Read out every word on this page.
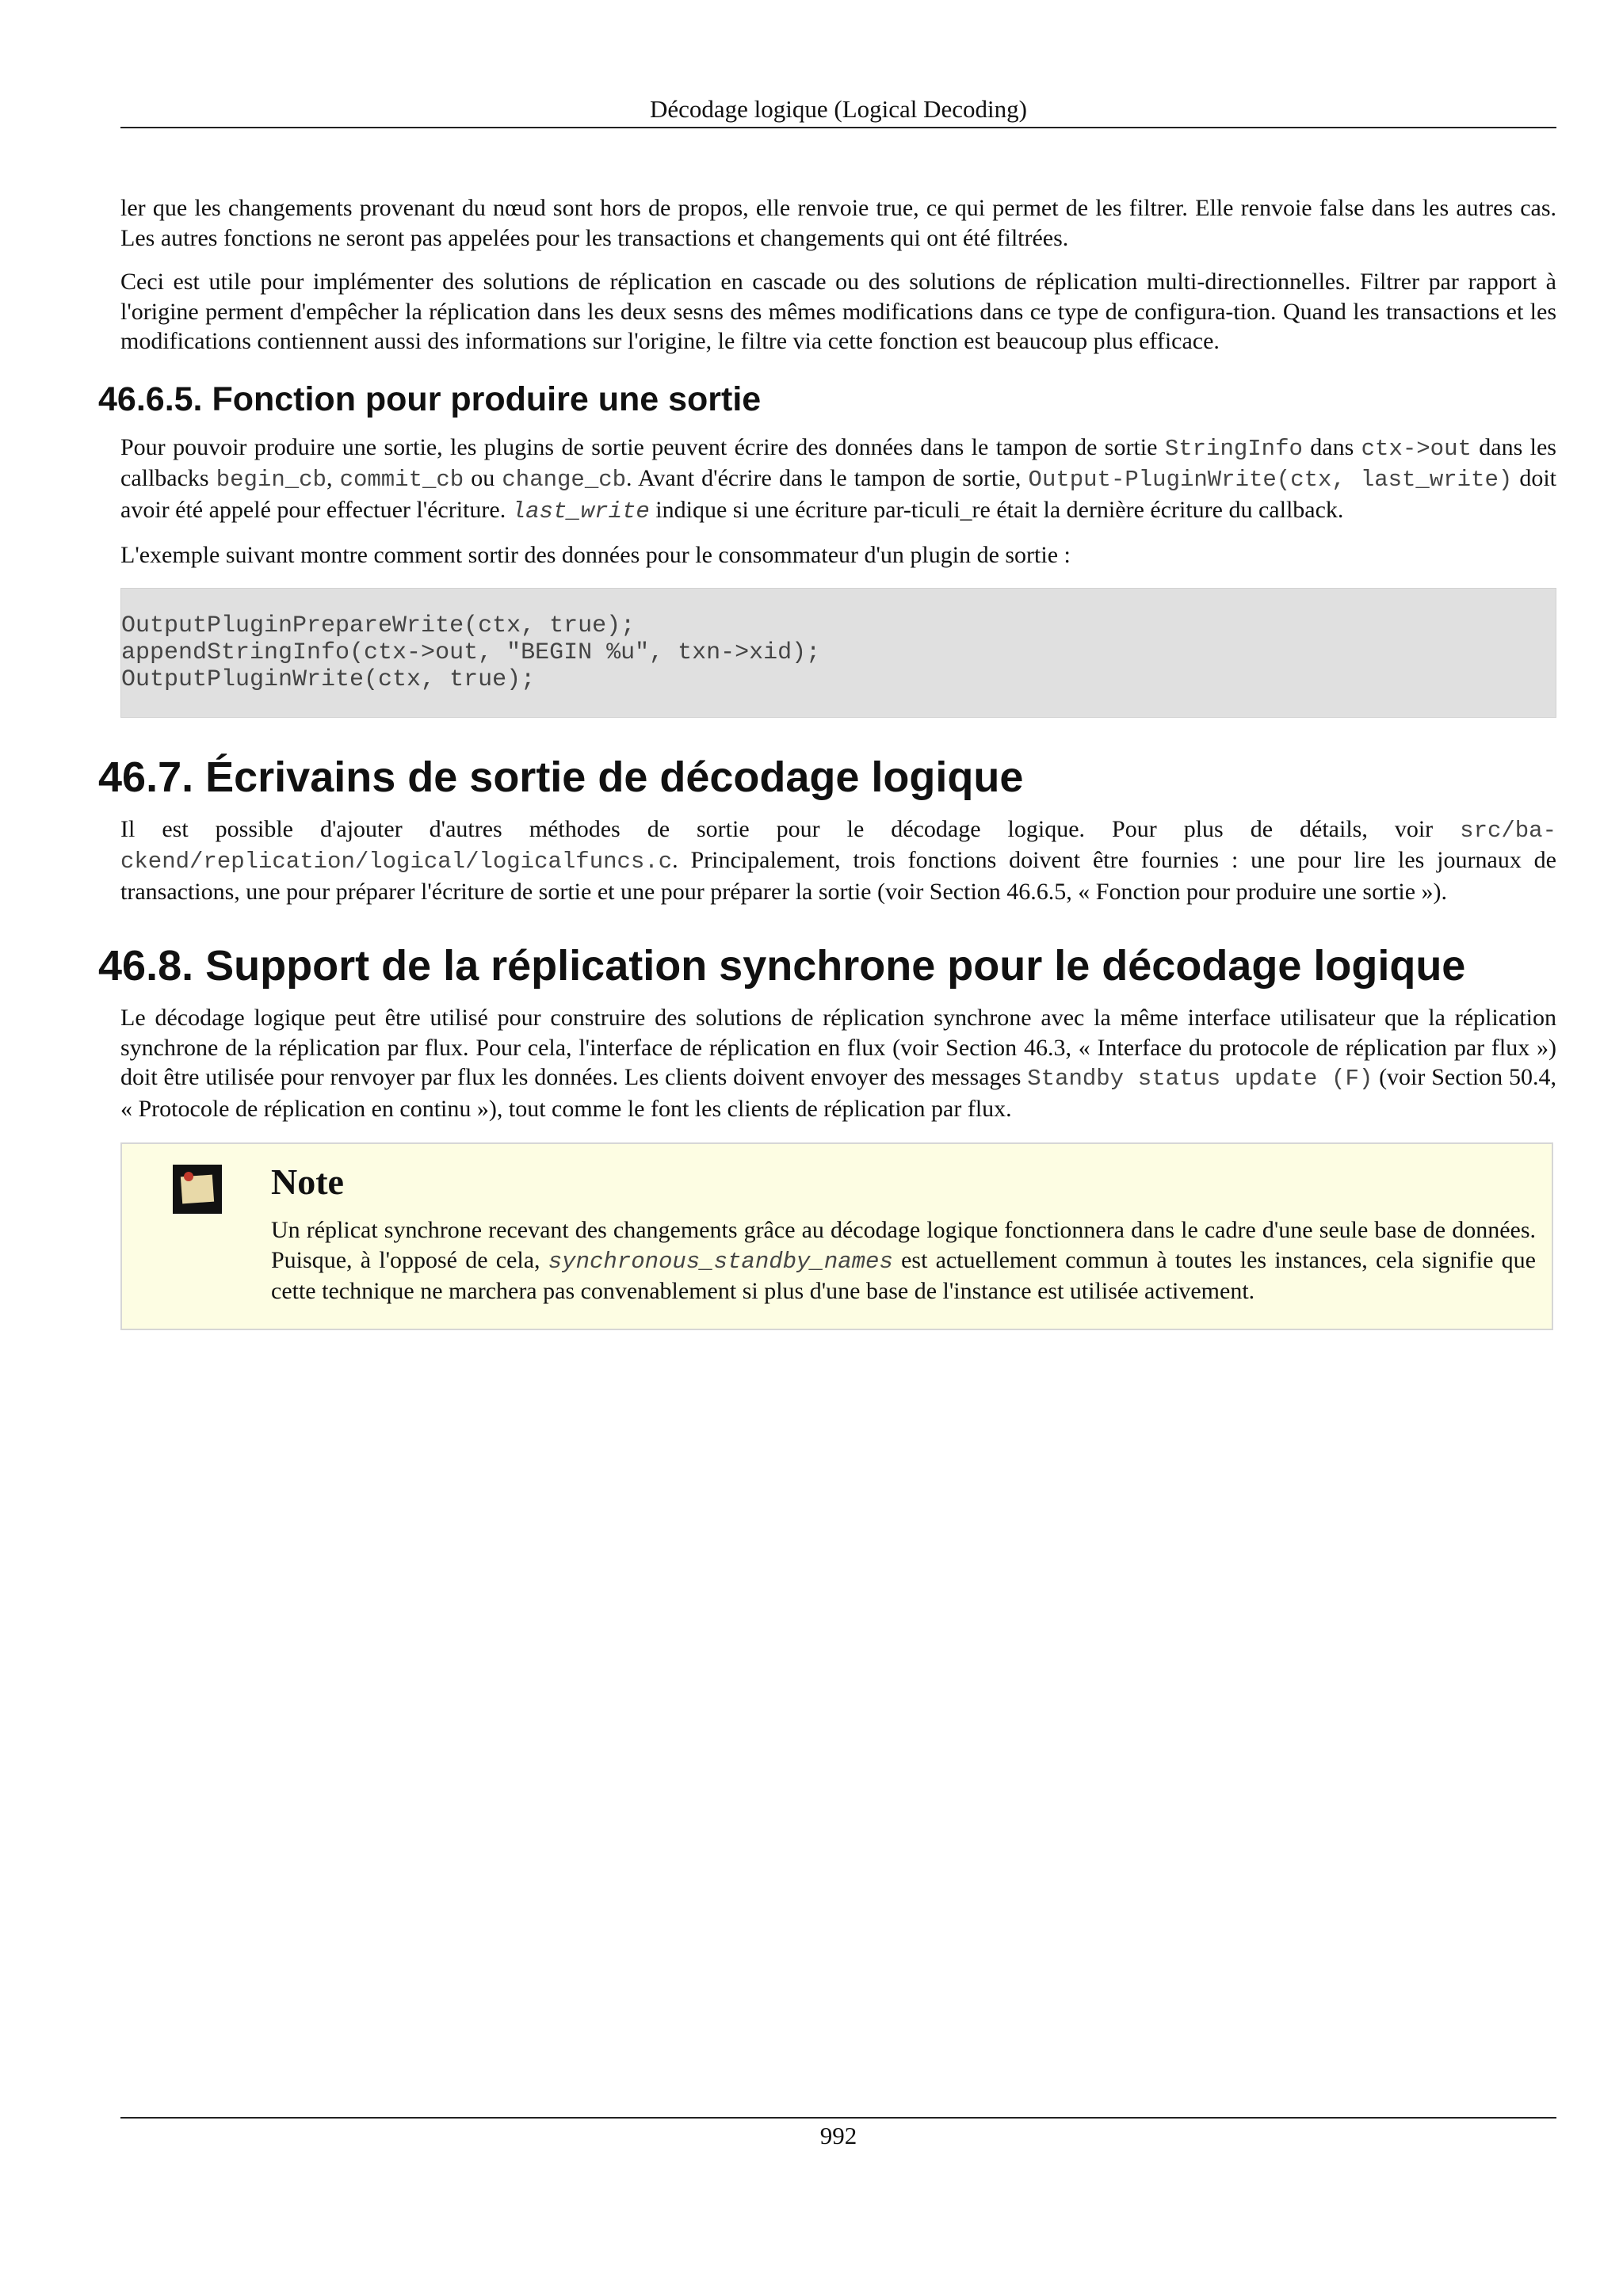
Décodage logique (Logical Decoding)

ler que les changements provenant du nœud sont hors de propos, elle renvoie true, ce qui permet de les filtrer. Elle renvoie false dans les autres cas. Les autres fonctions ne seront pas appelées pour les transactions et changements qui ont été filtrées.

Ceci est utile pour implémenter des solutions de réplication en cascade ou des solutions de réplication multi-directionnelles. Filtrer par rapport à l'origine perment d'empêcher la réplication dans les deux sesns des mêmes modifications dans ce type de configura-tion. Quand les transactions et les modifications contiennent aussi des informations sur l'origine, le filtre via cette fonction est beaucoup plus efficace.

46.6.5. Fonction pour produire une sortie

Pour pouvoir produire une sortie, les plugins de sortie peuvent écrire des données dans le tampon de sortie StringInfo dans ctx->out dans les callbacks begin_cb, commit_cb ou change_cb. Avant d'écrire dans le tampon de sortie, Output-PluginWrite(ctx, last_write) doit avoir été appelé pour effectuer l'écriture. last_write indique si une écriture par-ticuli_re était la dernière écriture du callback.

L'exemple suivant montre comment sortir des données pour le consommateur d'un plugin de sortie :

OutputPluginPrepareWrite(ctx, true);
appendStringInfo(ctx->out, "BEGIN %u", txn->xid);
OutputPluginWrite(ctx, true);
46.7. Écrivains de sortie de décodage logique

Il est possible d'ajouter d'autres méthodes de sortie pour le décodage logique. Pour plus de détails, voir src/ba-ckend/replication/logical/logicalfuncs.c. Principalement, trois fonctions doivent être fournies : une pour lire les journaux de transactions, une pour préparer l'écriture de sortie et une pour préparer la sortie (voir Section 46.6.5, « Fonction pour produire une sortie »).

46.8. Support de la réplication synchrone pour le décodage logique

Le décodage logique peut être utilisé pour construire des solutions de réplication synchrone avec la même interface utilisateur que la réplication synchrone de la réplication par flux. Pour cela, l'interface de réplication en flux (voir Section 46.3, « Interface du protocole de réplication par flux ») doit être utilisée pour renvoyer par flux les données. Les clients doivent envoyer des messages Standby status update (F) (voir Section 50.4, « Protocole de réplication en continu »), tout comme le font les clients de réplication par flux.

Note

Un réplicat synchrone recevant des changements grâce au décodage logique fonctionnera dans le cadre d'une seule base de données. Puisque, à l'opposé de cela, synchronous_standby_names est actuellement commun à toutes les instances, cela signifie que cette technique ne marchera pas convenablement si plus d'une base de l'instance est utilisée activement.

992
